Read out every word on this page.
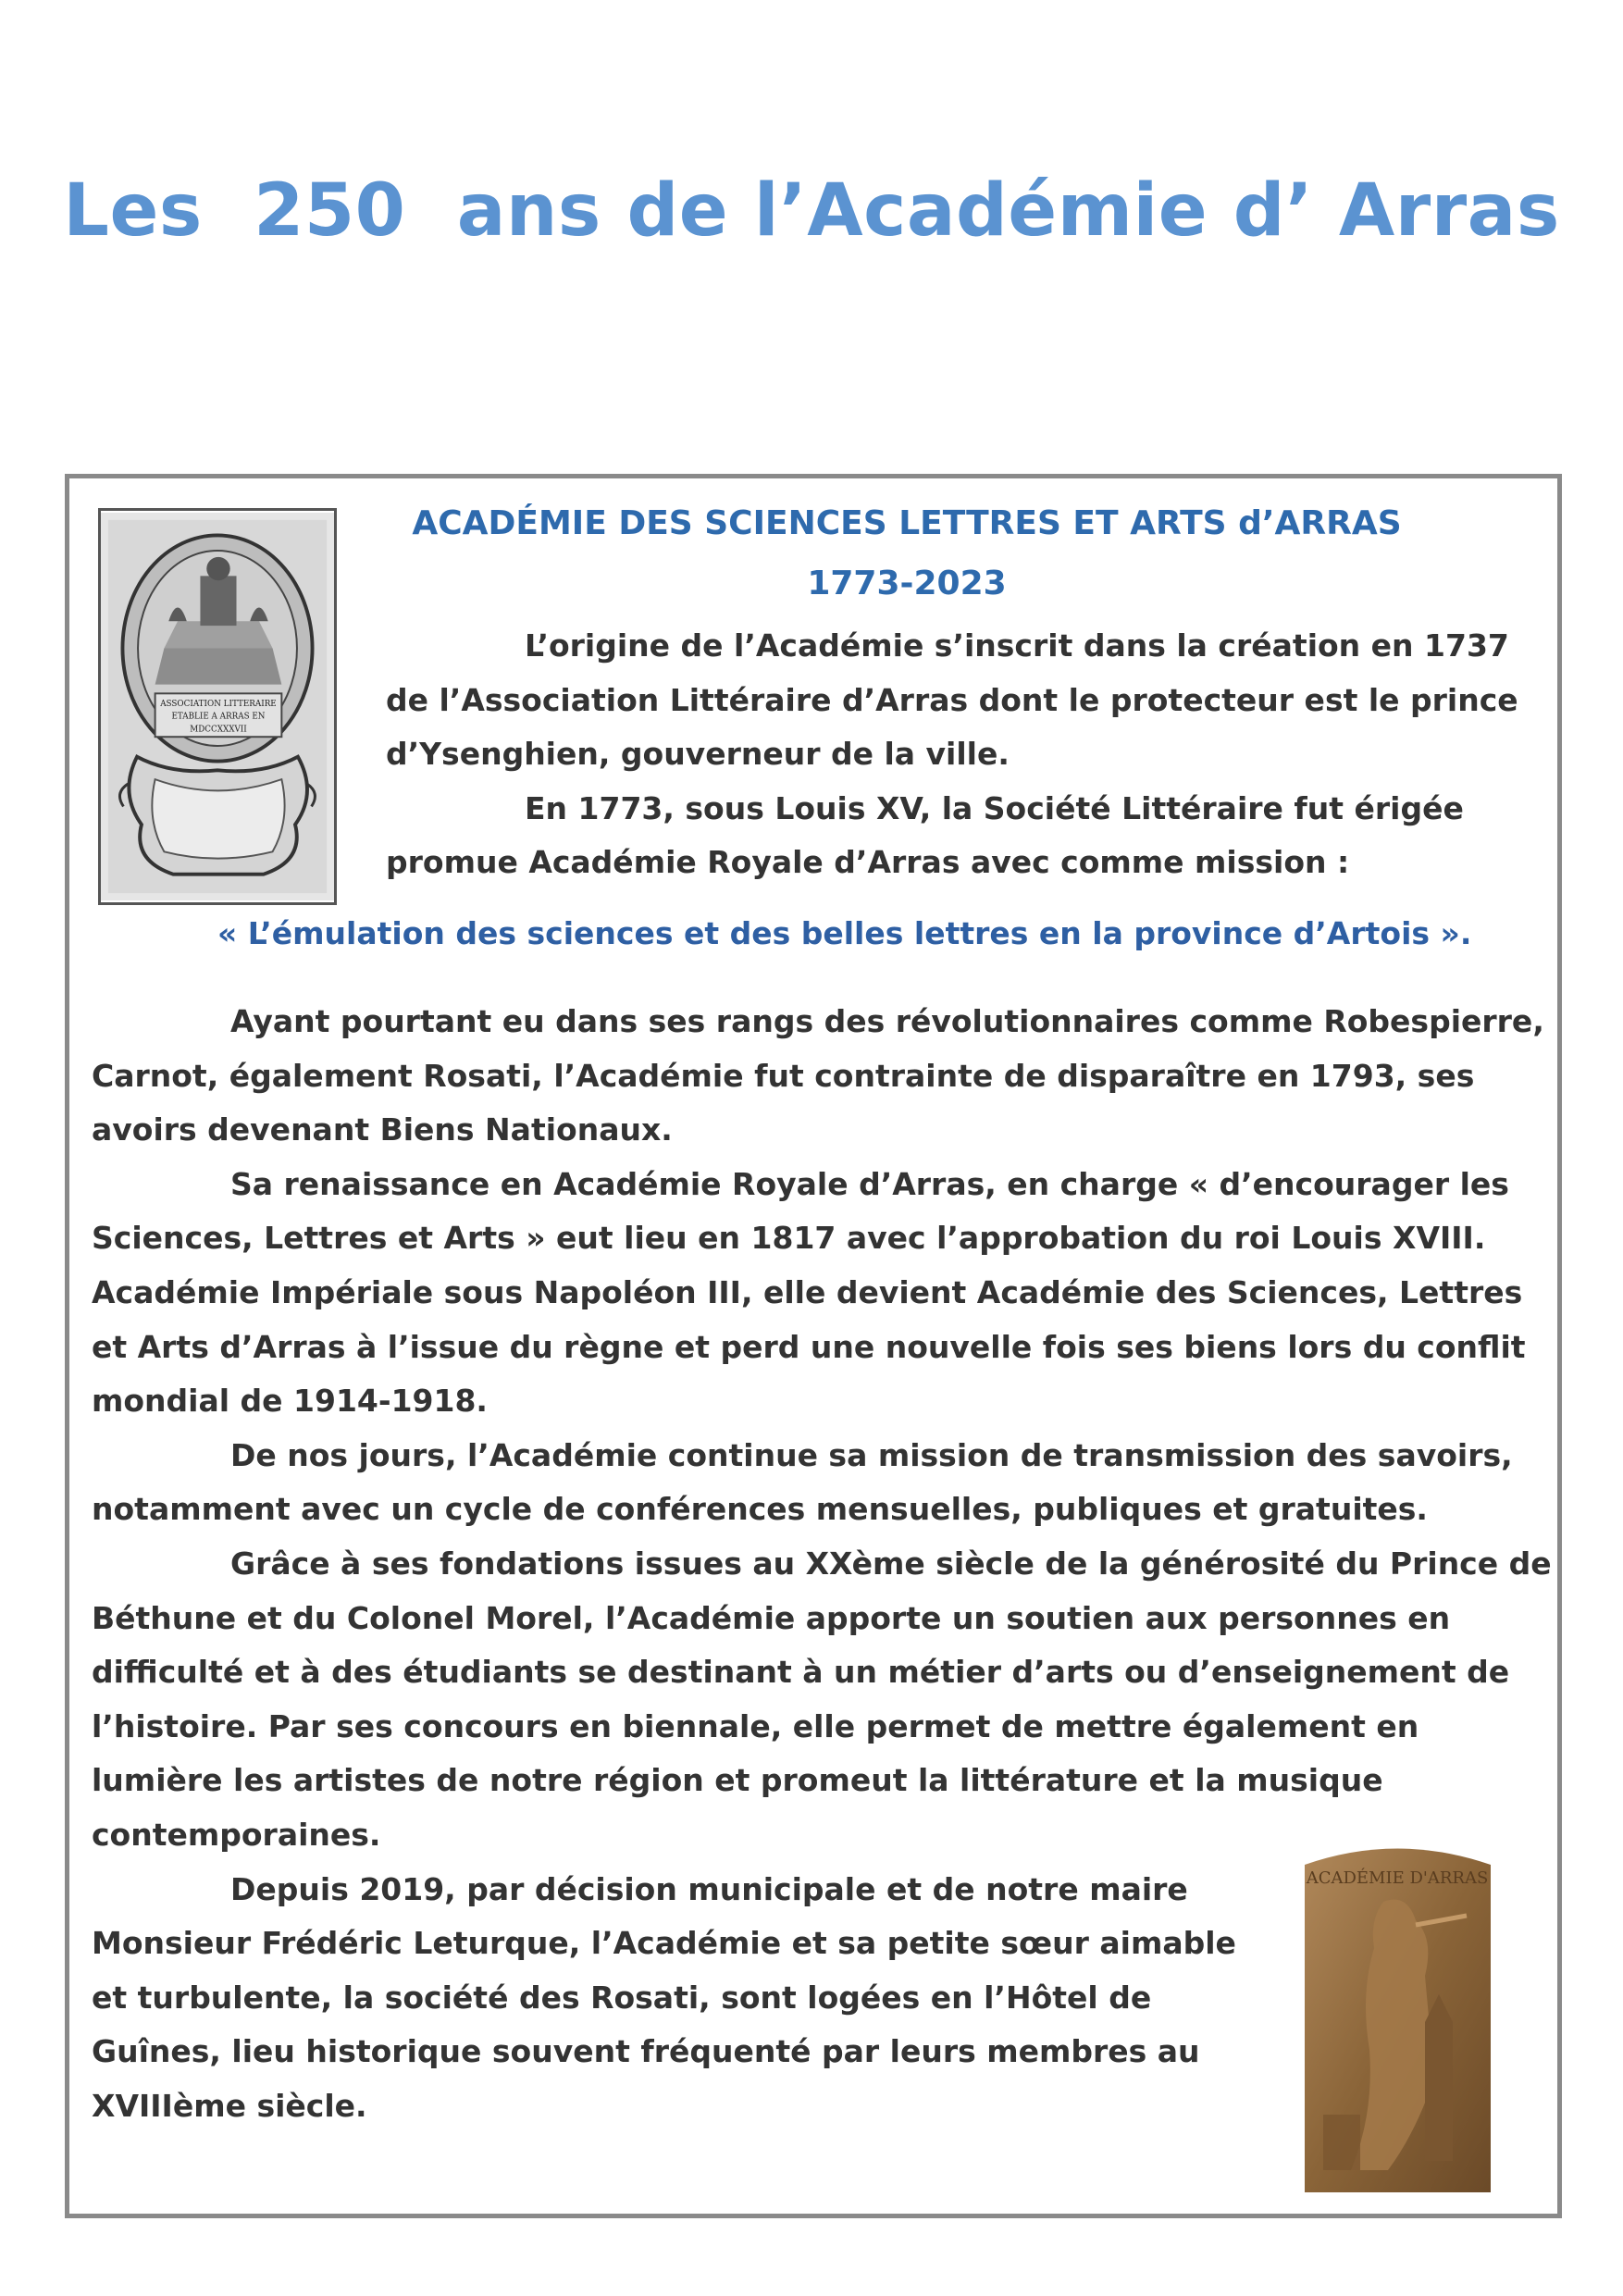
Les  250  ans de l’Académie d’ Arras
ASSOCIATION LITTERAIRE
ETABLIE A ARRAS EN
MDCCXXXVII
ACADÉMIE DES SCIENCES LETTRES ET ARTS d’ARRAS
1773-2023

L’origine de l’Académie s’inscrit dans la création en 1737 de l’Association Littéraire d’Arras dont le protecteur est le prince d’Ysenghien, gouverneur de la ville.

En 1773, sous Louis XV, la Société Littéraire fut érigée promue Académie Royale d’Arras avec comme mission :

« L’émulation des sciences et des belles lettres en la province d’Artois ».

Ayant pourtant eu dans ses rangs des révolutionnaires comme Robespierre, Carnot, également Rosati, l’Académie fut contrainte de disparaître en 1793, ses avoirs devenant Biens Nationaux.

Sa renaissance en Académie Royale d’Arras, en charge « d’encourager les Sciences, Lettres et Arts » eut lieu en 1817 avec l’approbation du roi Louis XVIII. Académie Impériale sous Napoléon III, elle devient Académie des Sciences, Lettres et Arts d’Arras à l’issue du règne et perd une nouvelle fois ses biens lors du conflit mondial de 1914-1918.

De nos jours, l’Académie continue sa mission de transmission des savoirs, notamment avec un cycle de conférences mensuelles, publiques et gratuites.

Grâce à ses fondations issues au XXème siècle de la générosité du Prince de Béthune et du Colonel Morel, l’Académie apporte un soutien aux personnes en difficulté et à des étudiants se destinant à un métier d’arts ou d’enseignement de l’histoire. Par ses concours en biennale, elle permet de mettre également en lumière les artistes de notre région et promeut la littérature et la musique contemporaines.

Depuis 2019, par décision municipale et de notre maire Monsieur Frédéric Leturque, l’Académie et sa petite sœur aimable et turbulente, la société des Rosati, sont logées en l’Hôtel de Guînes, lieu historique souvent fréquenté par leurs membres au XVIIIème siècle.

ACADÉMIE D'ARRAS
